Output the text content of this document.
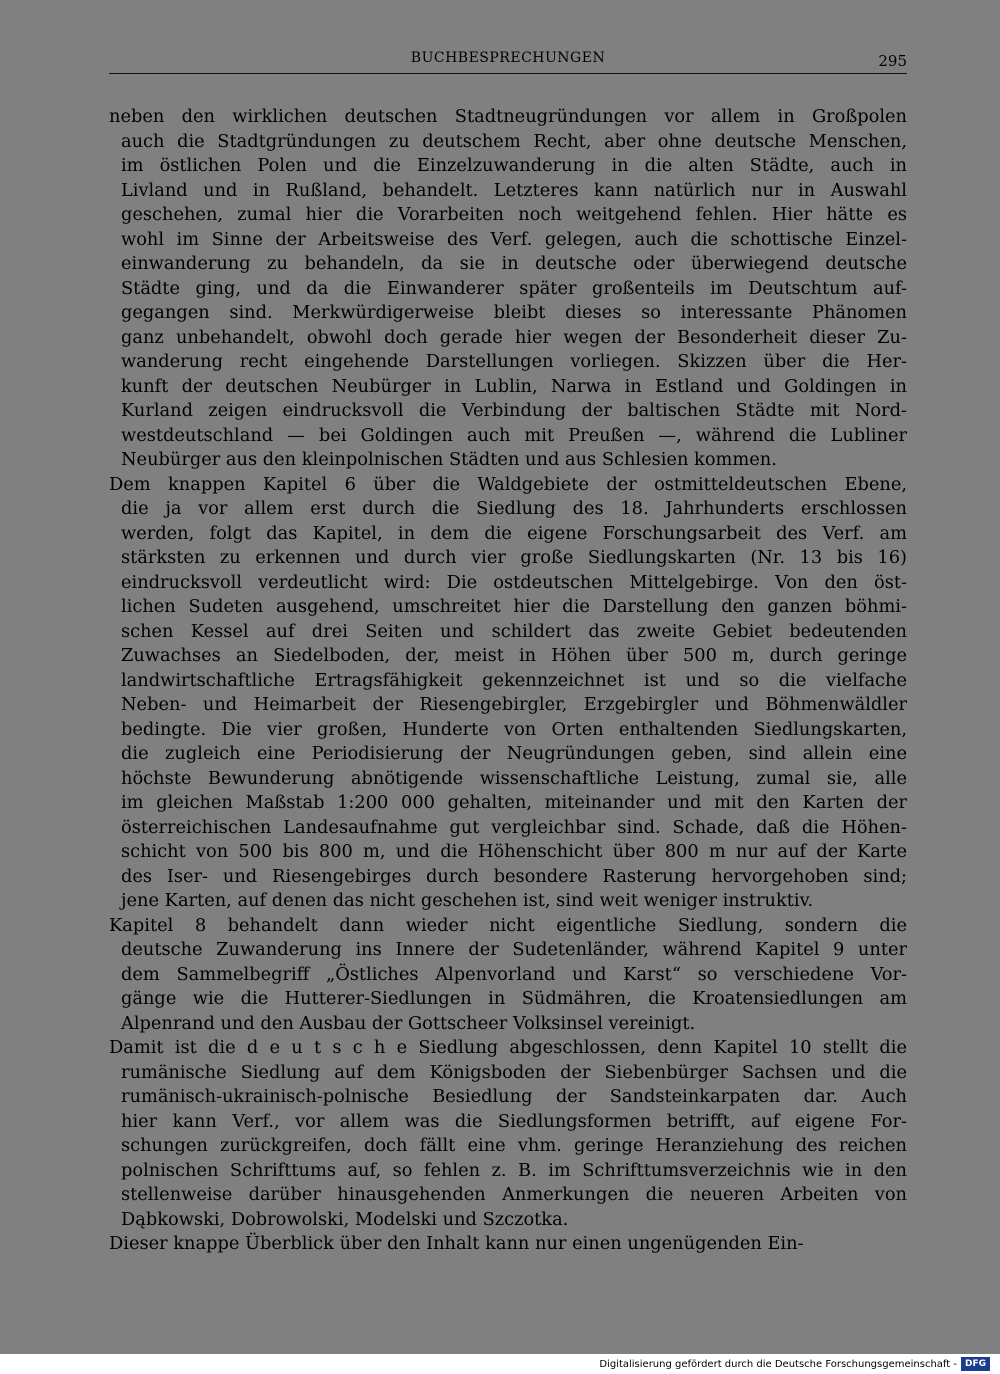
BUCHBESPRECHUNGEN	295
neben den wirklichen deutschen Stadtneugründungen vor allem in Großpolen
auch die Stadtgründungen zu deutschem Recht, aber ohne deutsche Menschen,
im östlichen Polen und die Einzelzuwanderung in die alten Städte, auch in
Livland und in Rußland, behandelt. Letzteres kann natürlich nur in Auswahl
geschehen, zumal hier die Vorarbeiten noch weitgehend fehlen. Hier hätte es
wohl im Sinne der Arbeitsweise des Verf. gelegen, auch die schottische Einzel-
einwanderung zu behandeln, da sie in deutsche oder überwiegend deutsche
Städte ging, und da die Einwanderer später großenteils im Deutschtum auf-
gegangen sind. Merkwürdigerweise bleibt dieses so interessante Phänomen
ganz unbehandelt, obwohl doch gerade hier wegen der Besonderheit dieser Zu-
wanderung recht eingehende Darstellungen vorliegen. Skizzen über die Her-
kunft der deutschen Neubürger in Lublin, Narwa in Estland und Goldingen in
Kurland zeigen eindrucksvoll die Verbindung der baltischen Städte mit Nord-
westdeutschland — bei Goldingen auch mit Preußen —, während die Lubliner
Neubürger aus den kleinpolnischen Städten und aus Schlesien kommen.
Dem knappen Kapitel 6 über die Waldgebiete der ostmitteldeutschen Ebene,
die ja vor allem erst durch die Siedlung des 18. Jahrhunderts erschlossen
werden, folgt das Kapitel, in dem die eigene Forschungsarbeit des Verf. am
stärksten zu erkennen und durch vier große Siedlungskarten (Nr. 13 bis 16)
eindrucksvoll verdeutlicht wird: Die ostdeutschen Mittelgebirge. Von den öst-
lichen Sudeten ausgehend, umschreitet hier die Darstellung den ganzen böhmi-
schen Kessel auf drei Seiten und schildert das zweite Gebiet bedeutenden
Zuwachses an Siedelboden, der, meist in Höhen über 500 m, durch geringe
landwirtschaftliche Ertragsfähigkeit gekennzeichnet ist und so die vielfache
Neben- und Heimarbeit der Riesengebirgler, Erzgebirgler und Böhmenwäldler
bedingte. Die vier großen, Hunderte von Orten enthaltenden Siedlungskarten,
die zugleich eine Periodisierung der Neugründungen geben, sind allein eine
höchste Bewunderung abnötigende wissenschaftliche Leistung, zumal sie, alle
im gleichen Maßstab 1:200 000 gehalten, miteinander und mit den Karten der
österreichischen Landesaufnahme gut vergleichbar sind. Schade, daß die Höhen-
schicht von 500 bis 800 m, und die Höhenschicht über 800 m nur auf der Karte
des Iser- und Riesengebirges durch besondere Rasterung hervorgehoben sind;
jene Karten, auf denen das nicht geschehen ist, sind weit weniger instruktiv.
Kapitel 8 behandelt dann wieder nicht eigentliche Siedlung, sondern die
deutsche Zuwanderung ins Innere der Sudetenländer, während Kapitel 9 unter
dem Sammelbegriff „Östliches Alpenvorland und Karst“ so verschiedene Vor-
gänge wie die Hutterer-Siedlungen in Südmähren, die Kroatensiedlungen am
Alpenrand und den Ausbau der Gottscheer Volksinsel vereinigt.
Damit ist die d e u t s c h e Siedlung abgeschlossen, denn Kapitel 10 stellt die
rumänische Siedlung auf dem Königsboden der Siebenbürger Sachsen und die
rumänisch-ukrainisch-polnische Besiedlung der Sandsteinkarpaten dar. Auch
hier kann Verf., vor allem was die Siedlungsformen betrifft, auf eigene For-
schungen zurückgreifen, doch fällt eine vhm. geringe Heranziehung des reichen
polnischen Schrifttums auf, so fehlen z. B. im Schrifttumsverzeichnis wie in den
stellenweise darüber hinausgehenden Anmerkungen die neueren Arbeiten von
Dąbkowski, Dobrowolski, Modelski und Szczotka.
Dieser knappe Überblick über den Inhalt kann nur einen ungenügenden Ein-
Digitalisierung gefördert durch die Deutsche Forschungsgemeinschaft - DFG
